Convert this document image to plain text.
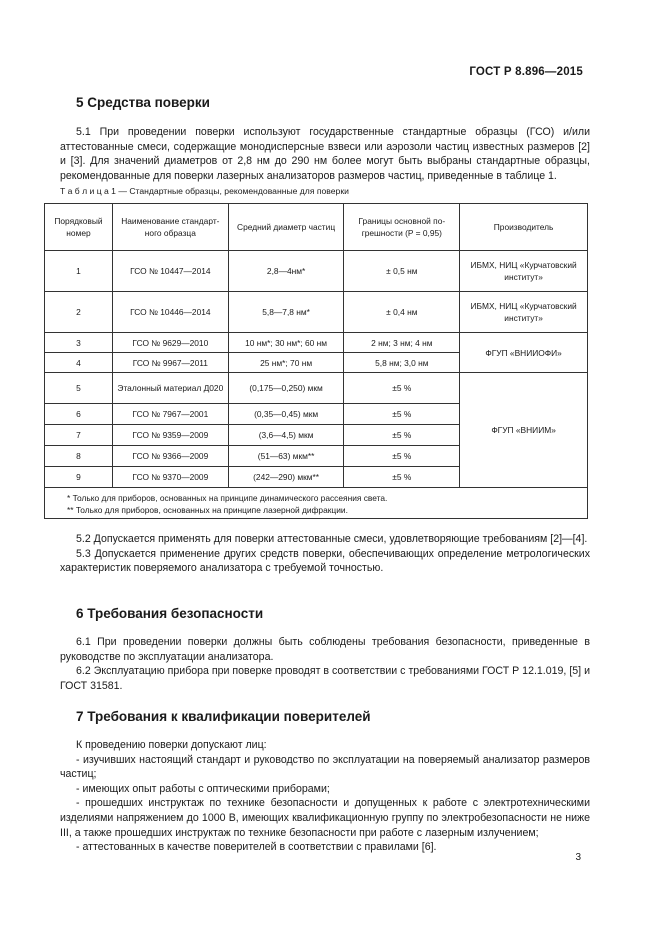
ГОСТ Р 8.896—2015
5 Средства поверки

5.1 При проведении поверки используют государственные стандартные образцы (ГСО) и/или аттестованные смеси, содержащие монодисперсные взвеси или аэрозоли частиц известных размеров [2] и [3]. Для значений диаметров от 2,8 нм до 290 нм более могут быть выбраны стандартные образцы, рекомендованные для поверки лазерных анализаторов размеров частиц, приведенные в таблице 1.

Т а б л и ц а 1 — Стандартные образцы, рекомендованные для поверки
Порядковый номер	Наименование стандарт-ного образца	Средний диаметр частиц	Границы основной по-грешности (P = 0,95)	Производитель
1	ГСО № 10447—2014	2,8—4нм*	± 0,5 нм	ИБМХ, НИЦ «Курчатовский институт»
2	ГСО № 10446—2014	5,8—7,8 нм*	± 0,4 нм	ИБМХ, НИЦ «Курчатовский институт»
3	ГСО № 9629—2010	10 нм*; 30 нм*; 60 нм	2 нм; 3 нм; 4 нм	ФГУП «ВНИИОФИ»
4	ГСО № 9967—2011	25 нм*; 70 нм	5,8 нм; 3,0 нм	
5	Эталонный материал Д020	(0,175—0,250) мкм	±5 %	ФГУП «ВНИИМ»
6	ГСО № 7967—2001	(0,35—0,45) мкм	±5 %	
7	ГСО № 9359—2009	(3,6—4,5) мкм	±5 %	
8	ГСО № 9366—2009	(51—63) мкм**	±5 %	
9	ГСО № 9370—2009	(242—290) мкм**	±5 %	

* Только для приборов, основанных на принципе динамического рассеяния света.
** Только для приборов, основанных на принципе лазерной дифракции.				

5.2 Допускается применять для поверки аттестованные смеси, удовлетворяющие требованиям [2]—[4].

5.3 Допускается применение других средств поверки, обеспечивающих определение метрологических характеристик поверяемого анализатора с требуемой точностью.

6 Требования безопасности

6.1 При проведении поверки должны быть соблюдены требования безопасности, приведенные в руководстве по эксплуатации анализатора.

6.2 Эксплуатацию прибора при поверке проводят в соответствии с требованиями ГОСТ Р 12.1.019, [5] и ГОСТ 31581.

7 Требования к квалификации поверителей

К проведению поверки допускают лиц:

- изучивших настоящий стандарт и руководство по эксплуатации на поверяемый анализатор размеров частиц;

- имеющих опыт работы с оптическими приборами;

- прошедших инструктаж по технике безопасности и допущенных к работе с электротехническими изделиями напряжением до 1000 В, имеющих квалификационную группу по электробезопасности не ниже III, а также прошедших инструктаж по технике безопасности при работе с лазерным излучением;

- аттестованных в качестве поверителей в соответствии с правилами [6].

3
